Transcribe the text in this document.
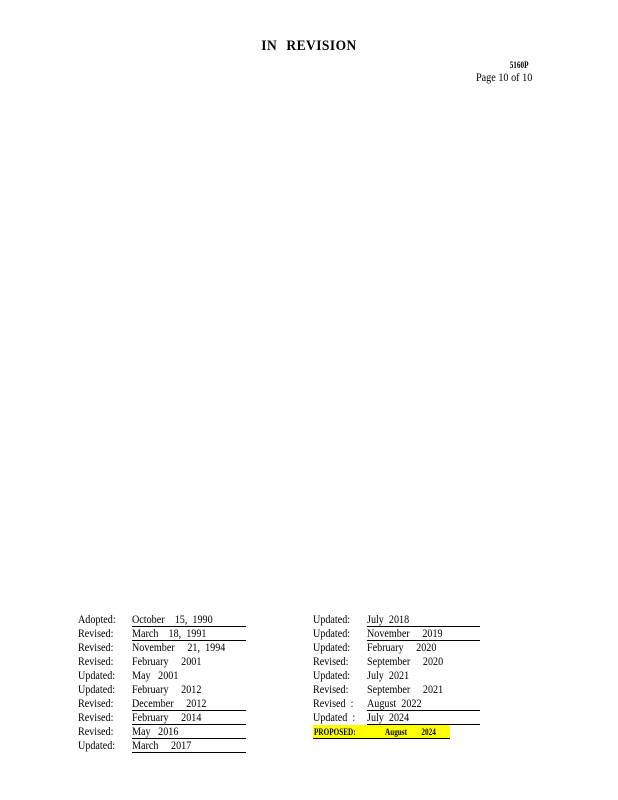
IN REVISION
5160P
Page 10 of 10

Adopted:

October    15,  1990

Revised:

March    18,  1991

Revised:

November     21,  1994

Revised:

February     2001

Updated:

May   2001

Updated:

February     2012

Revised:

December     2012

Revised:

February     2014

Revised:

May   2016

Updated:

March     2017

Updated:

July  2018

Updated:

November     2019

Updated:

February     2020

Revised:

September     2020

Updated:

July  2021

Revised:

September     2021

Revised  :

August  2022

Updated  :

July  2024

PROPOSED:

	August        2024
